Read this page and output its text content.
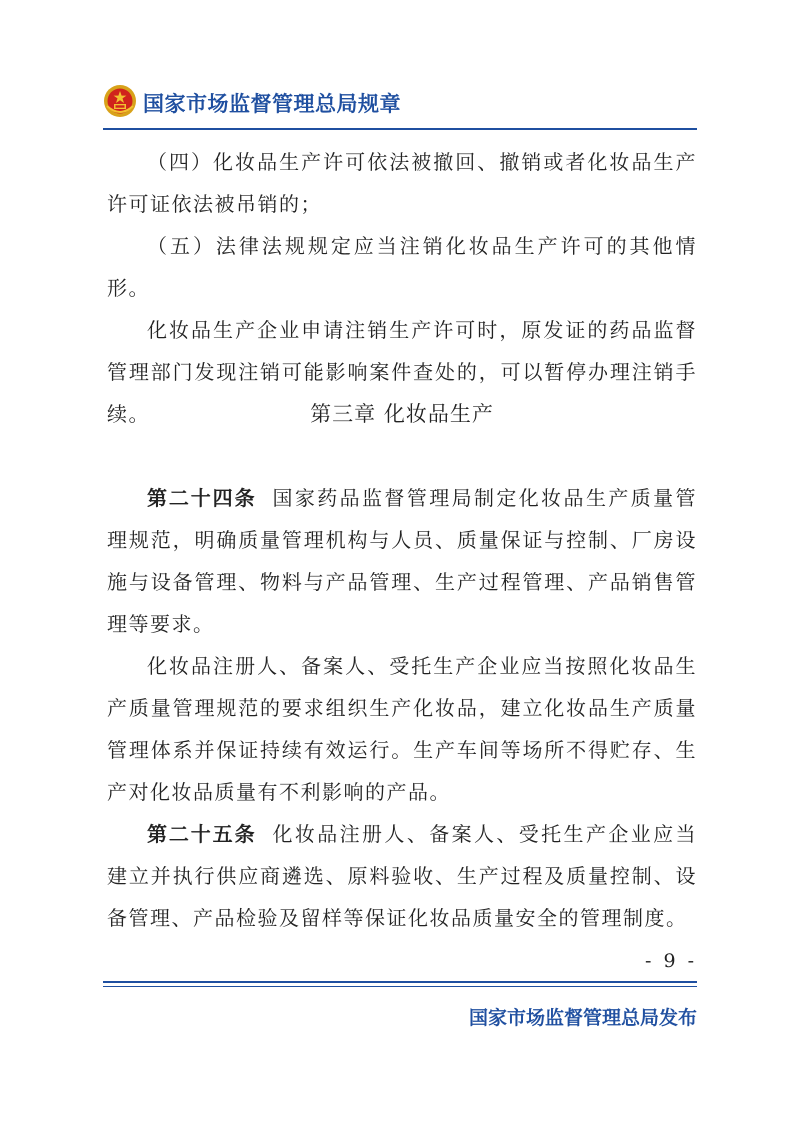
国家市场监督管理总局规章

（四）化妆品生产许可依法被撤回、撤销或者化妆品生产许可证依法被吊销的；

（五）法律法规规定应当注销化妆品生产许可的其他情形。

化妆品生产企业申请注销生产许可时，原发证的药品监督管理部门发现注销可能影响案件查处的，可以暂停办理注销手续。	第三章 化妆品生产

第二十四条 国家药品监督管理局制定化妆品生产质量管理规范，明确质量管理机构与人员、质量保证与控制、厂房设施与设备管理、物料与产品管理、生产过程管理、产品销售管理等要求。

化妆品注册人、备案人、受托生产企业应当按照化妆品生产质量管理规范的要求组织生产化妆品，建立化妆品生产质量管理体系并保证持续有效运行。生产车间等场所不得贮存、生产对化妆品质量有不利影响的产品。

第二十五条 化妆品注册人、备案人、受托生产企业应当建立并执行供应商遴选、原料验收、生产过程及质量控制、设备管理、产品检验及留样等保证化妆品质量安全的管理制度。

- 9 -
国家市场监督管理总局发布
